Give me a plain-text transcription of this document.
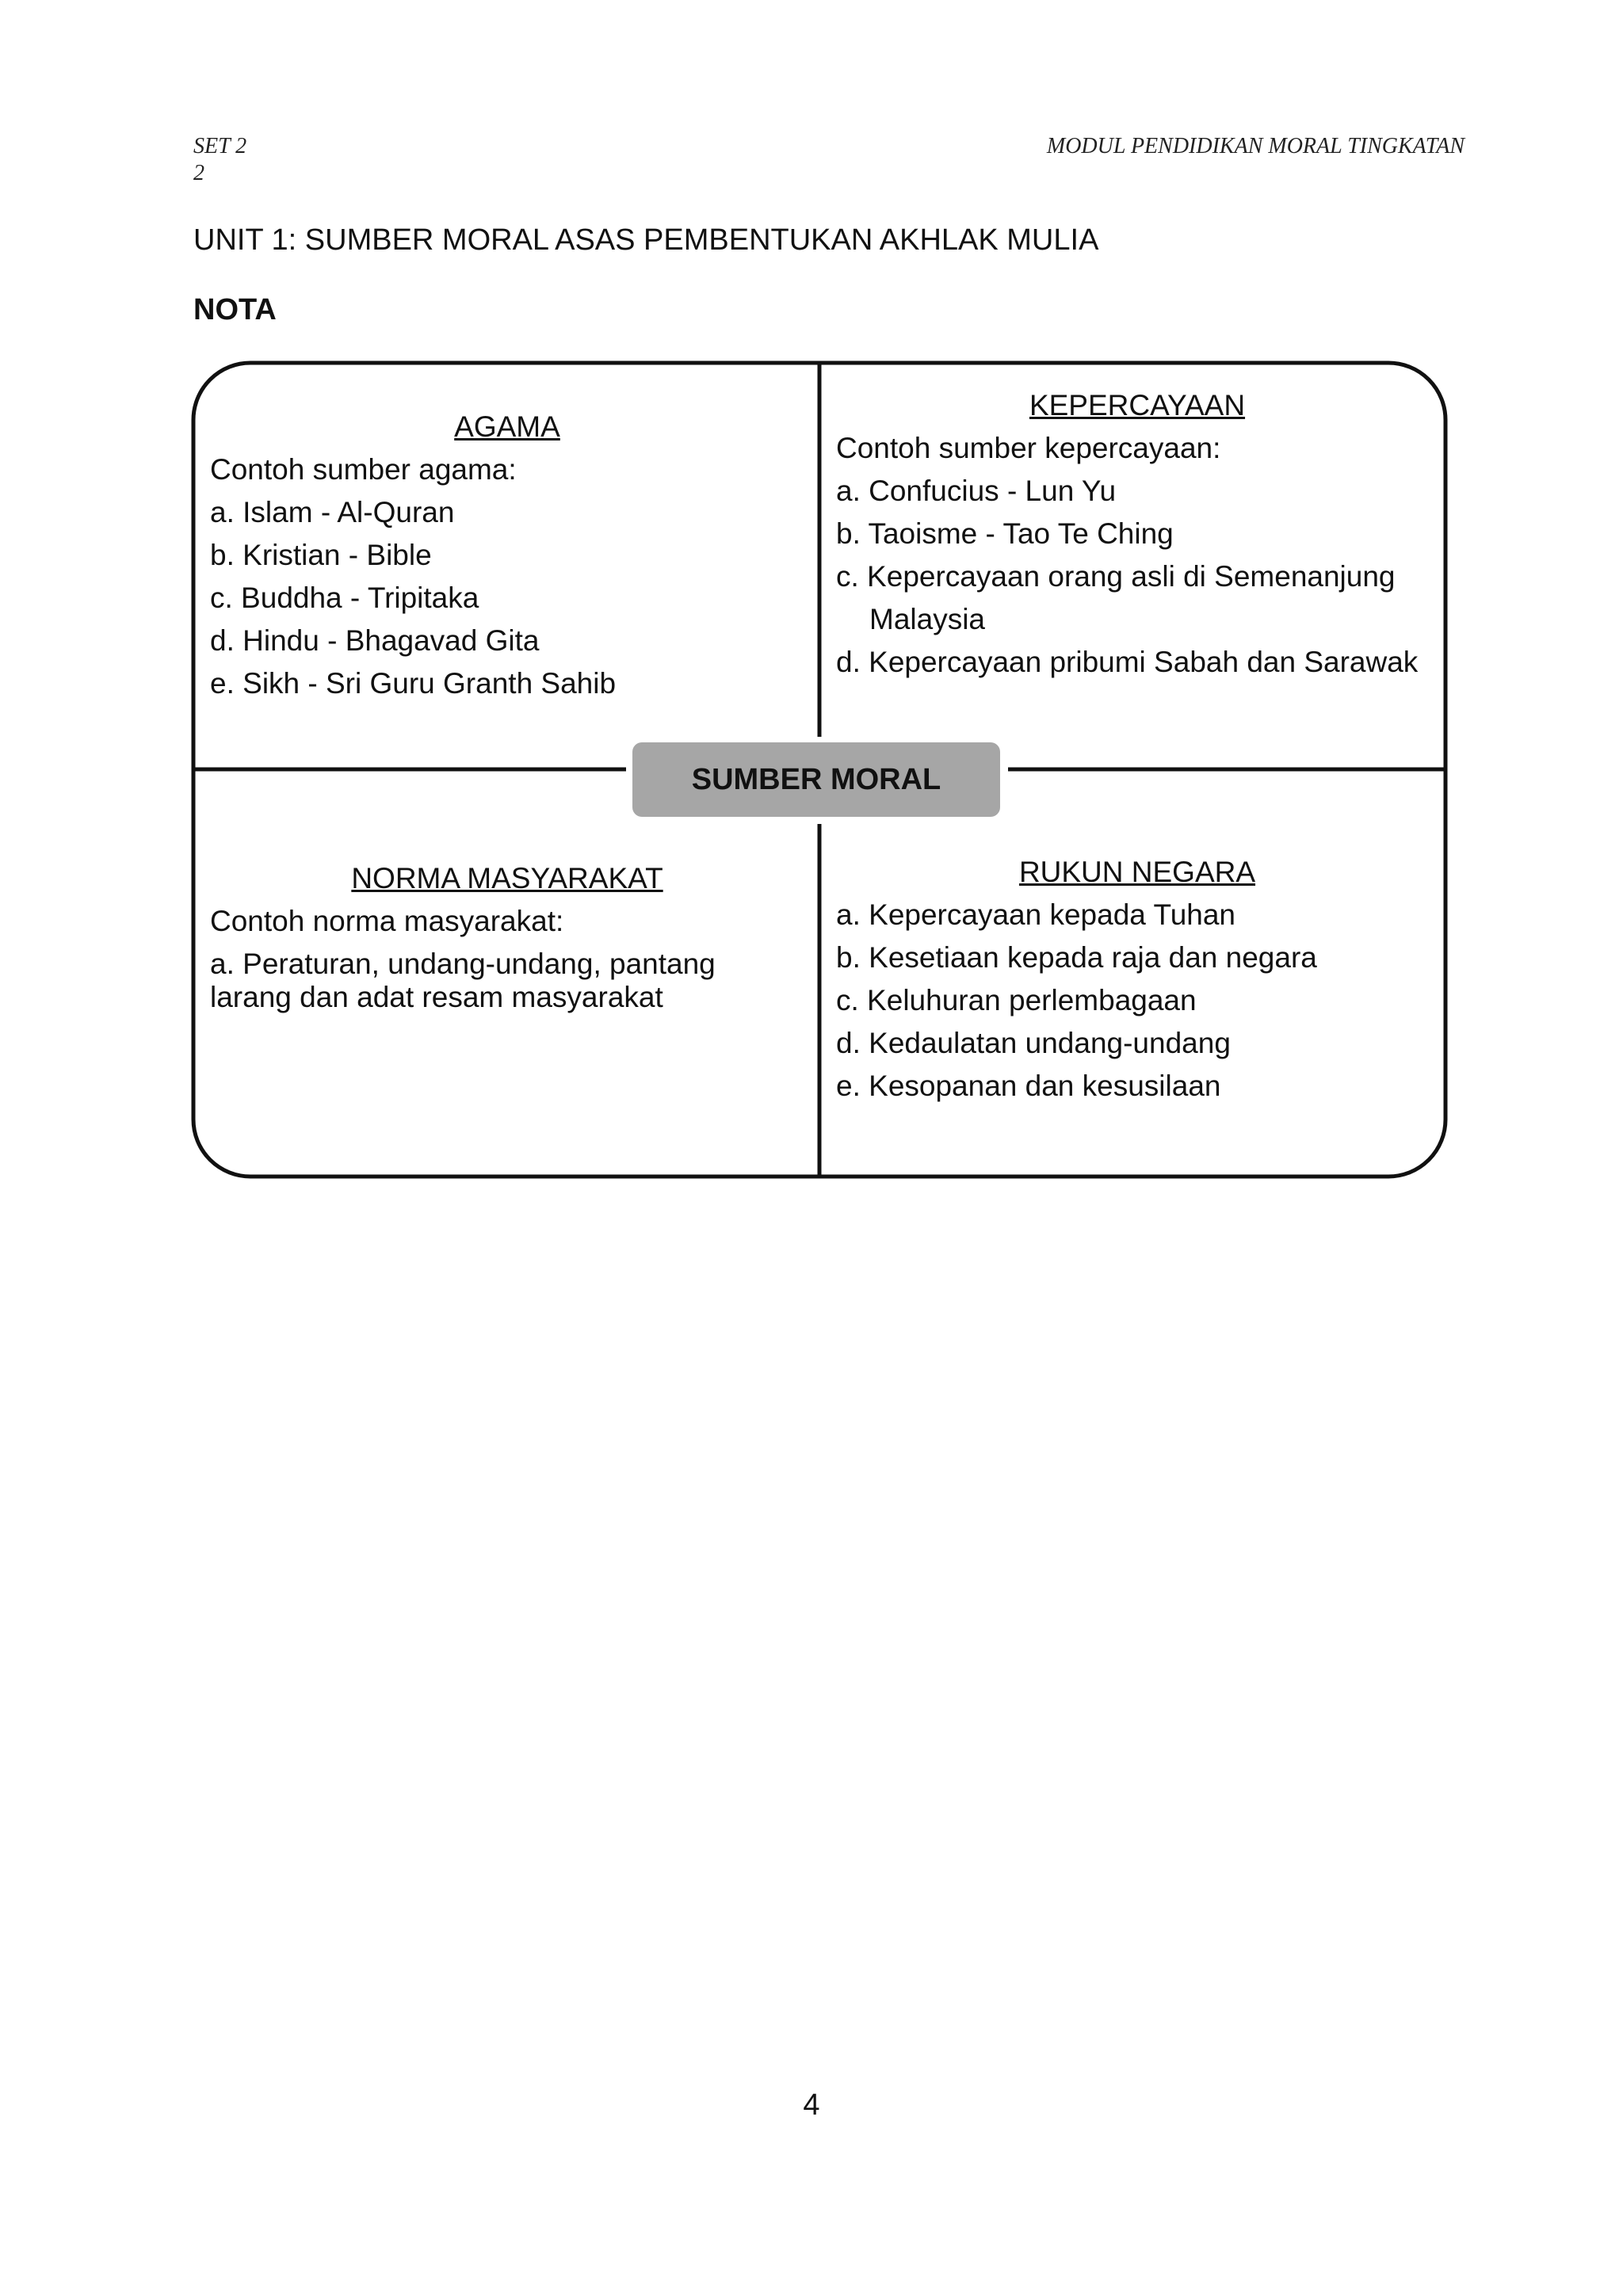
SET 2
2
MODUL PENDIDIKAN MORAL TINGKATAN
UNIT 1: SUMBER MORAL ASAS PEMBENTUKAN AKHLAK MULIA
NOTA
AGAMA
Contoh sumber agama:
a. Islam - Al-Quran
b. Kristian - Bible
c. Buddha - Tripitaka
d. Hindu - Bhagavad Gita
e. Sikh - Sri Guru Granth Sahib
KEPERCAYAAN
Contoh sumber kepercayaan:
a. Confucius - Lun Yu
b. Taoisme - Tao Te Ching
c. Kepercayaan orang asli di Semenanjung Malaysia
d. Kepercayaan pribumi Sabah dan Sarawak
SUMBER MORAL
NORMA MASYARAKAT
Contoh norma masyarakat:
a. Peraturan, undang-undang, pantang larang dan adat resam masyarakat
RUKUN NEGARA
a. Kepercayaan kepada Tuhan
b. Kesetiaan kepada raja dan negara
c. Keluhuran perlembagaan
d. Kedaulatan undang-undang
e. Kesopanan dan kesusilaan
4
